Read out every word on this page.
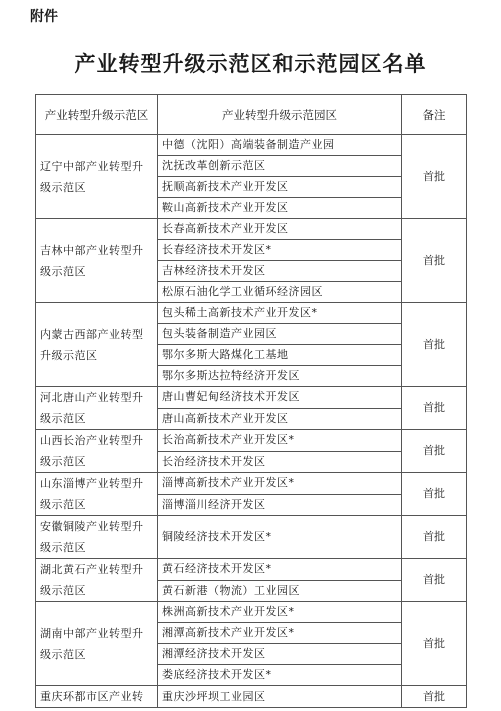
附件
产业转型升级示范区和示范园区名单
产业转型升级示范区	产业转型升级示范园区	备注
辽宁中部产业转型升级示范区	中德（沈阳）高端装备制造产业园	首批
	沈抚改革创新示范区	
	抚顺高新技术产业开发区	
	鞍山高新技术产业开发区	
吉林中部产业转型升级示范区	长春高新技术产业开发区	首批
	长春经济技术开发区*	
	吉林经济技术开发区	
	松原石油化学工业循环经济园区	
内蒙古西部产业转型升级示范区	包头稀土高新技术产业开发区*	首批
	包头装备制造产业园区	
	鄂尔多斯大路煤化工基地	
	鄂尔多斯达拉特经济开发区	
河北唐山产业转型升级示范区	唐山曹妃甸经济技术开发区	首批
	唐山高新技术产业开发区	
山西长治产业转型升级示范区	长治高新技术产业开发区*	首批
	长治经济技术开发区	
山东淄博产业转型升级示范区	淄博高新技术产业开发区*	首批
	淄博淄川经济开发区	
安徽铜陵产业转型升级示范区	铜陵经济技术开发区*	首批
湖北黄石产业转型升级示范区	黄石经济技术开发区*	首批
	黄石新港（物流）工业园区	
湖南中部产业转型升级示范区	株洲高新技术产业开发区*	首批
	湘潭高新技术产业开发区*	
	湘潭经济技术开发区	
	娄底经济技术开发区*	
重庆环都市区产业转	重庆沙坪坝工业园区	首批
